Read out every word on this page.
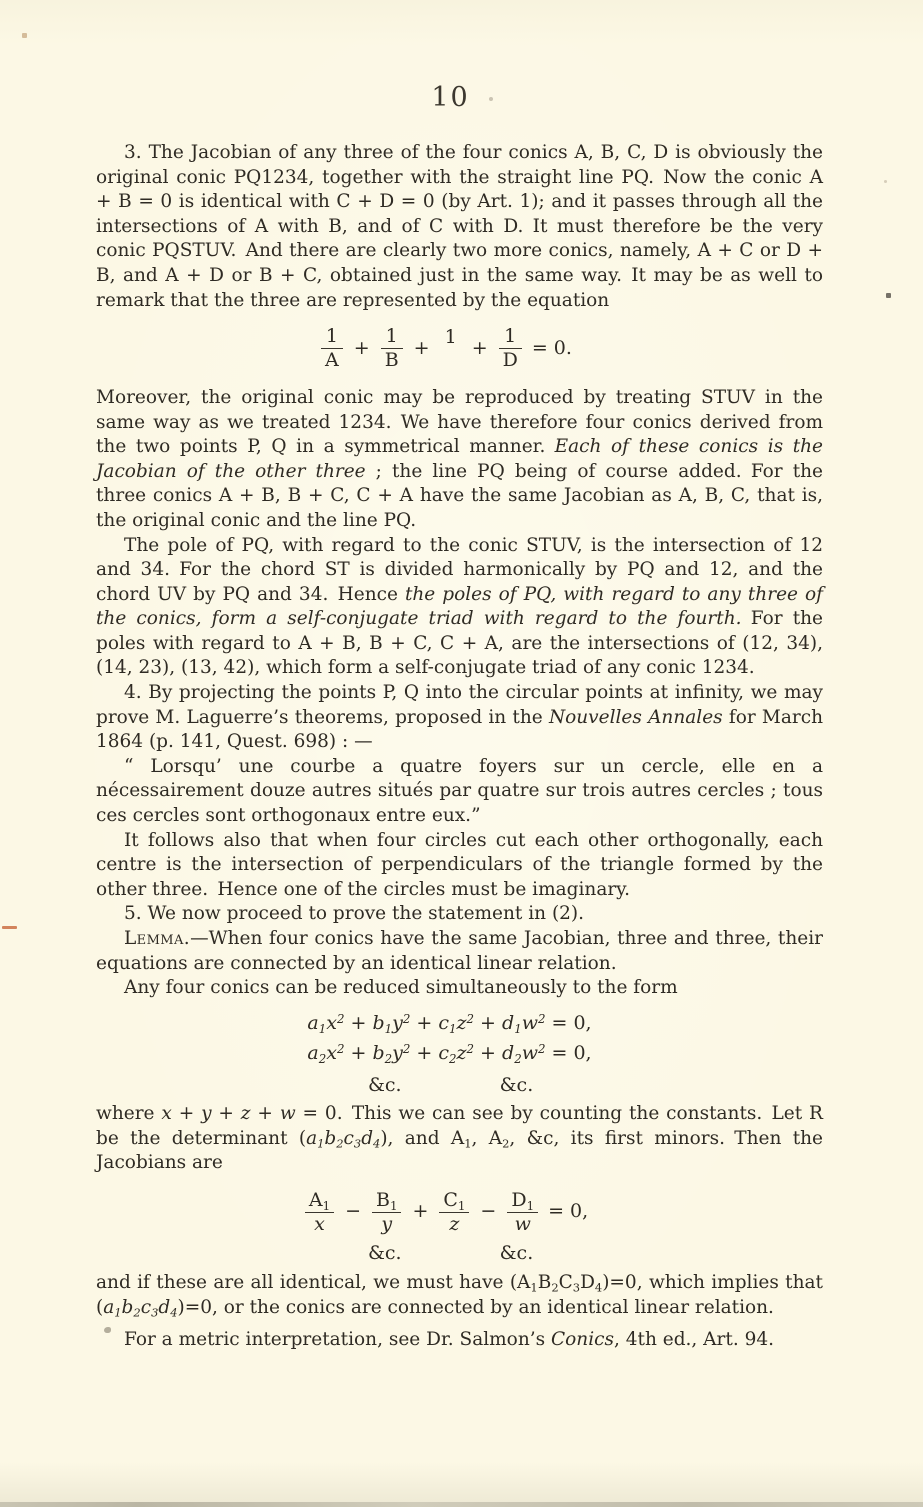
10

3. The Jacobian of any three of the four conics A, B, C, D is obviously the original conic PQ1234, together with the straight line PQ. Now the conic A + B = 0 is identical with C + D = 0 (by Art. 1); and it passes through all the intersections of A with B, and of C with D. It must therefore be the very conic PQSTUV. And there are clearly two more conics, namely, A + C or D + B, and A + D or B + C, obtained just in the same way. It may be as well to remark that the three are represented by the equation

$\frac{1}{A} + \frac{1}{B} + 1$
+ $\frac{1}{D} = 0$.

Moreover, the original conic may be reproduced by treating STUV in the same way as we treated 1234. We have therefore four conics derived from the two points P, Q in a symmetrical manner. Each of these conics is the Jacobian of the other three ; the line PQ being of course added. For the three conics A + B, B + C, C + A have the same Jacobian as A, B, C, that is, the original conic and the line PQ.

The pole of PQ, with regard to the conic STUV, is the intersection of 12 and 34. For the chord ST is divided harmonically by PQ and 12, and the chord UV by PQ and 34. Hence the poles of PQ, with regard to any three of the conics, form a self-conjugate triad with regard to the fourth. For the poles with regard to A + B, B + C, C + A, are the intersections of (12, 34), (14, 23), (13, 42), which form a self-conjugate triad of any conic 1234.

4. By projecting the points P, Q into the circular points at infinity, we may prove M. Laguerre’s theorems, proposed in the Nouvelles Annales for March 1864 (p. 141, Quest. 698) : —

“ Lorsqu’ une courbe a quatre foyers sur un cercle, elle en a nécessairement douze autres situés par quatre sur trois autres cercles ; tous ces cercles sont orthogonaux entre eux.”

It follows also that when four circles cut each other orthogonally, each centre is the intersection of perpendiculars of the triangle formed by the other three. Hence one of the circles must be imaginary.

5. We now proceed to prove the statement in (2).

Lemma.—When four conics have the same Jacobian, three and three, their equations are connected by an identical linear relation.

Any four conics can be reduced simultaneously to the form

$a_1x^2 + b_1y^2 + c_1z^2 + d_1w^2 = 0$,
$a_2x^2 + b_2y^2 + c_2z^2 + d_2w^2 = 0$,
&c.	&c.

where x + y + z + w = 0. This we can see by counting the constants. Let R be the determinant $(a_1b_2c_3d_4)$, and $A_1$, $A_2$, &c, its first minors. Then the Jacobians are

$\frac{A_1}{x} - \frac{B_1}{y} + \frac{C_1}{z} - \frac{D_1}{w} = 0$,
&c.	&c.

and if these are all identical, we must have $(A_1B_2C_3D_4)=0$, which implies that $(a_1b_2c_3d_4)=0$, or the conics are connected by an identical linear relation.

For a metric interpretation, see Dr. Salmon’s Conics, 4th ed., Art. 94.
